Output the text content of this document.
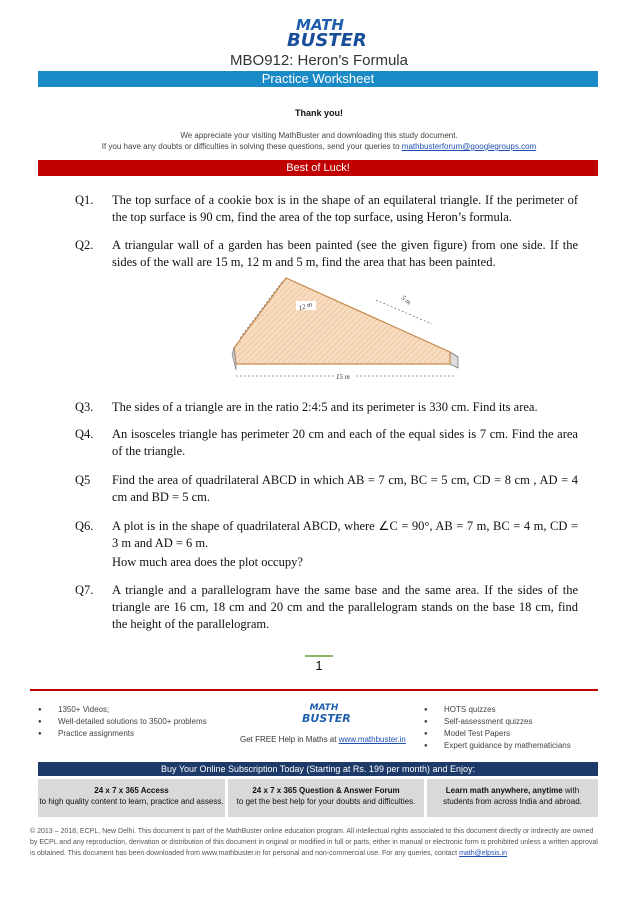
MATH
BUSTER
MBO912: Heron's Formula
Practice Worksheet
Thank you!
We appreciate your visiting MathBuster and downloading this study document.
If you have any doubts or difficulties in solving these questions, send your queries to mathbusterforum@googlegroups.com
Best of Luck!
Q1.	The top surface of a cookie box is in the shape of an equilateral triangle. If the perimeter of the top surface is 90 cm, find the area of the top surface, using Heron’s formula.
Q2.	A triangular wall of a garden has been painted (see the given figure) from one side. If the sides of the wall are 15 m, 12 m and 5 m, find the area that has been painted.
12 m	5 m
15 m
Q3.	The sides of a triangle are in the ratio 2:4:5 and its perimeter is 330 cm. Find its area.
Q4.	An isosceles triangle has perimeter 20 cm and each of the equal sides is 7 cm. Find the area of the triangle.
Q5	Find the area of quadrilateral ABCD in which AB = 7 cm, BC = 5 cm, CD = 8 cm , AD = 4 cm and BD = 5 cm.
Q6.	A plot is in the shape of quadrilateral ABCD, where ∠C = 90°, AB = 7 m, BC = 4 m, CD = 3 m and AD = 6 m.
How much area does the plot occupy?
Q7.	A triangle and a parallelogram have the same base and the same area. If the sides of the triangle are 16 cm, 18 cm and 20 cm and the parallelogram stands on the base 18 cm, find the height of the parallelogram.
1
● 1350+ Videos;
● Well-detailed solutions to 3500+ problems
● Practice assignments
MATH
BUSTER
Get FREE Help in Maths at www.mathbuster.in
● HOTS quizzes
● Self-assessment quizzes
● Model Test Papers
● Expert guidance by mathematicians
Buy Your Online Subscription Today (Starting at Rs. 199 per month) and Enjoy:
24 x 7 x 365 Access
to high quality content to learn, practice and assess.
24 x 7 x 365 Question & Answer Forum
to get the best help for your doubts and difficulties.
Learn math anywhere, anytime with
students from across India and abroad.
© 2013 – 2018, ECPL, New Delhi. This document is part of the MathBuster online education program. All intellectual rights associated to this document directly or indirectly are owned by ECPL and any reproduction, derivation or distribution of this document in original or modified in full or parts, either in manual or electronic form is prohibited unless a written approval is obtained. This document has been downloaded from www.mathbuster.in for personal and non-commercial use. For any queries, contact math@elpsis.in
